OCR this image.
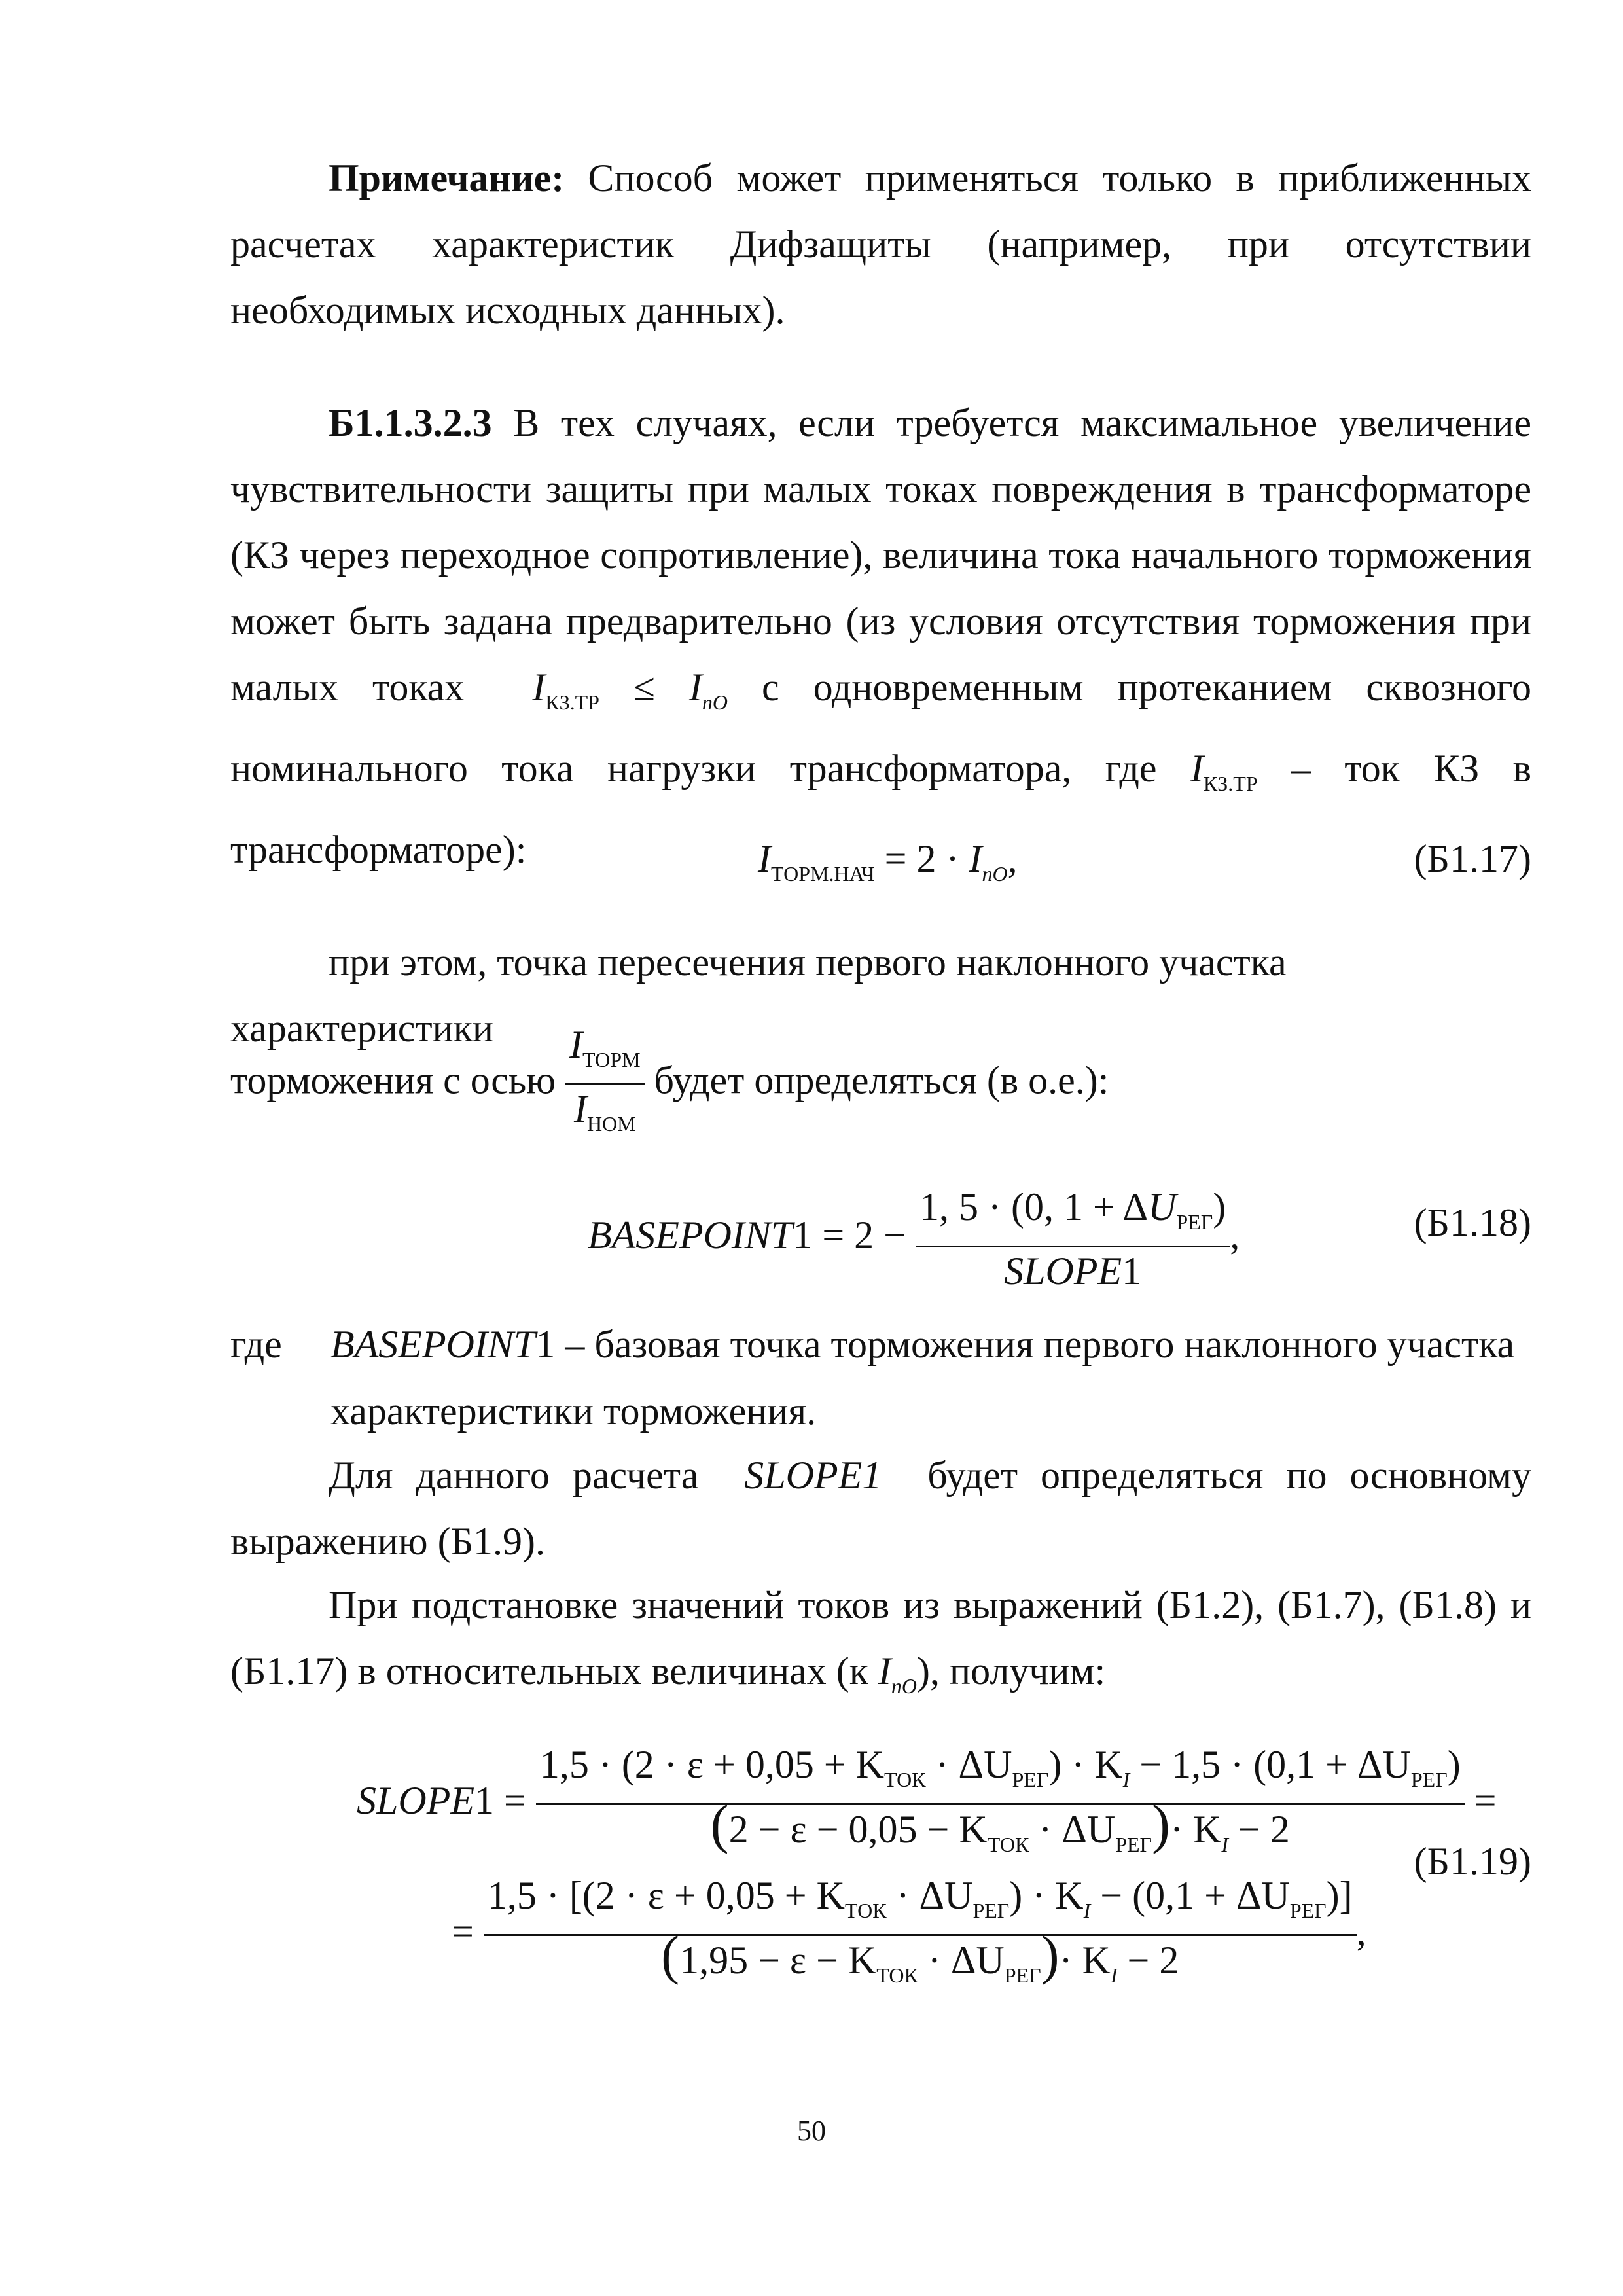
Примечание: Способ может применяться только в приближенных расчетах характеристик Дифзащиты (например, при отсутствии необходимых исходных данных).

Б1.1.3.2.3 В тех случаях, если требуется максимальное увеличение чувствительности защиты при малых токах повреждения в трансформаторе (КЗ через переходное сопротивление), величина тока начального торможения может быть задана предварительно (из условия отсутствия торможения при малых токах $I_{КЗ.ТР} \le I_{nO}$ с одновременным протеканием сквозного номинального тока нагрузки трансформатора, где $I_{КЗ.ТР}$ – ток КЗ в трансформаторе):	$I_{ТОРМ.НАЧ} = 2 \cdot I_{nO}$,	(Б1.17)

при этом, точка пересечения первого наклонного участка характеристики

торможения с осью $\frac{I_{ТОРМ}}{I_{НОМ}}$ будет определяться (в о.е.):
BASEPOINT1 = $2 - \frac{1, 5 \cdot (0, 1 + \Delta U_{РЕГ})}{\text{SLOPE1}}$ ,	(Б1.18)
где BASEPOINT1 – базовая точка торможения первого наклонного участка
характеристики торможения.

Для данного расчета SLOPE1 будет определяться по основному выражению (Б1.9).

При подстановке значений токов из выражений (Б1.2), (Б1.7), (Б1.8) и (Б1.17) в относительных величинах (к $I_{nO}$), получим:

SLOPE1 =
$1,5 \cdot (2 \cdot \varepsilon + 0,05 + K_{ТОК} \cdot \Delta U_{РЕГ}) \cdot K_I - 1,5 \cdot (0,1 + \Delta U_{РЕГ})$
$(2 - \varepsilon - 0,05 - K_{ТОК} \cdot \Delta U_{РЕГ})\cdot K_I - 2$
=
= $\frac{1,5 \cdot [(2 \cdot \varepsilon + 0,05 + K_{ТОК} \cdot \Delta U_{РЕГ}) \cdot K_I - (0,1 + \Delta U_{РЕГ})]}{(1,95 - \varepsilon - K_{ТОК} \cdot \Delta U_{РЕГ})\cdot K_I - 2}$ ,
(Б1.19)
50
